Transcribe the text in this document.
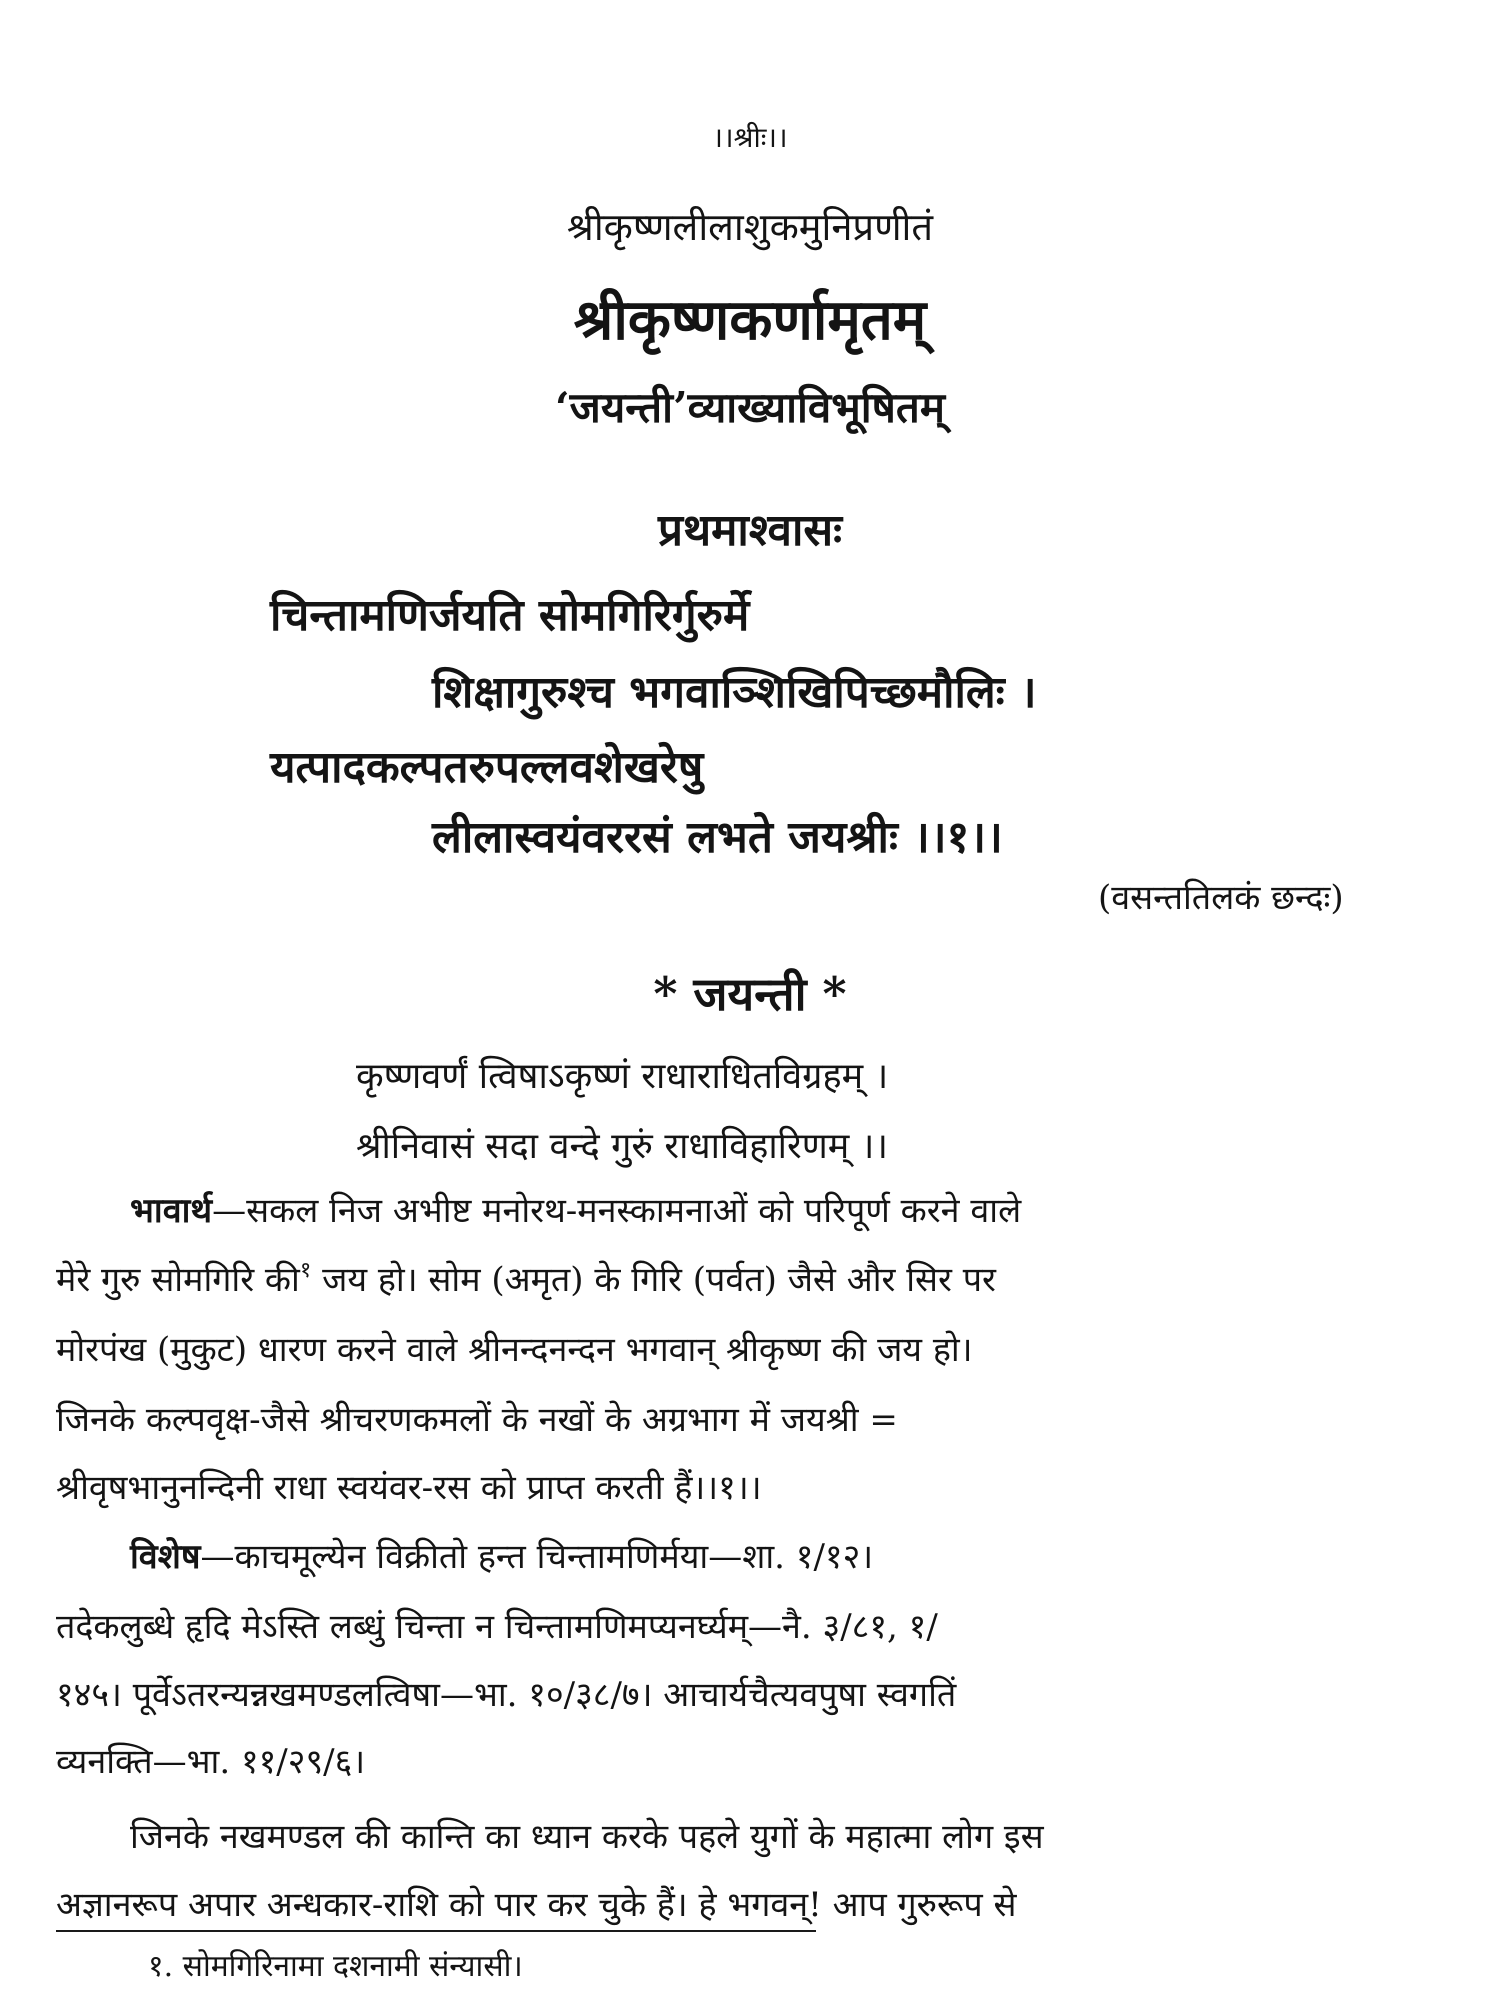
।।श्रीः।।
श्रीकृष्णलीलाशुकमुनिप्रणीतं
श्रीकृष्णकर्णामृतम्
‘जयन्ती’व्याख्याविभूषितम्
प्रथमाश्वासः
चिन्तामणिर्जयति सोमगिरिर्गुरुर्मे
शिक्षागुरुश्च भगवाञ्शिखिपिच्छमौलिः ।
यत्पादकल्पतरुपल्लवशेखरेषु
लीलास्वयंवररसं लभते जयश्रीः ।।१।।
(वसन्ततिलकं छन्दः)
* जयन्ती *
कृष्णवर्णं त्विषाऽकृष्णं राधाराधितविग्रहम् ।
श्रीनिवासं सदा वन्दे गुरुं राधाविहारिणम् ।।
भावार्थ—सकल निज अभीष्ट मनोरथ-मनस्कामनाओं को परिपूर्ण करने वाले
मेरे गुरु सोमगिरि की$^१$ जय हो। सोम (अमृत) के गिरि (पर्वत) जैसे और सिर पर
मोरपंख (मुकुट) धारण करने वाले श्रीनन्दनन्दन भगवान् श्रीकृष्ण की जय हो।
जिनके कल्पवृक्ष-जैसे श्रीचरणकमलों के नखों के अग्रभाग में जयश्री =
श्रीवृषभानुनन्दिनी राधा स्वयंवर-रस को प्राप्त करती हैं।।१।।
विशेष—काचमूल्येन विक्रीतो हन्त चिन्तामणिर्मया—शा. १/१२।
तदेकलुब्धे हृदि मेऽस्ति लब्धुं चिन्ता न चिन्तामणिमप्यनर्घ्यम्—नै. ३/८१, १/
१४५। पूर्वेऽतरन्यन्नखमण्डलत्विषा—भा. १०/३८/७। आचार्यचैत्यवपुषा स्वगतिं
व्यनक्ति—भा. ११/२९/६।
जिनके नखमण्डल की कान्ति का ध्यान करके पहले युगों के महात्मा लोग इस
अज्ञानरूप अपार अन्धकार-राशि को पार कर चुके हैं। हे भगवन्! आप गुरुरूप से
१. सोमगिरिनामा दशनामी संन्यासी।
